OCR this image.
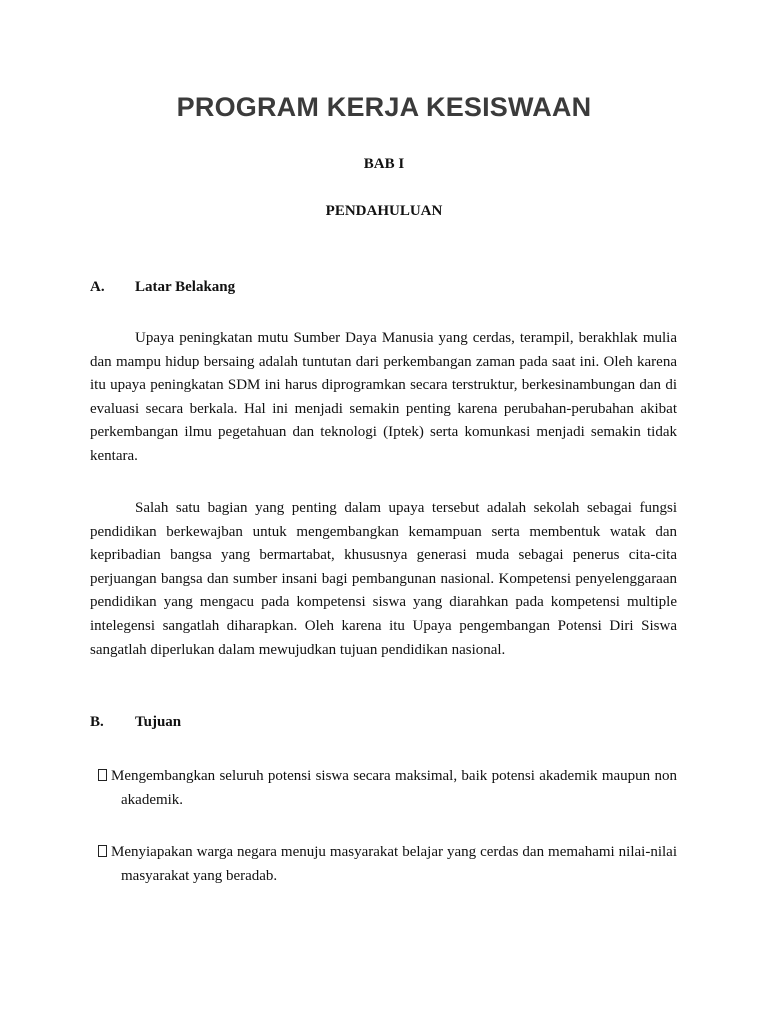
PROGRAM KERJA KESISWAAN
BAB I
PENDAHULUAN
A. Latar Belakang

Upaya peningkatan mutu Sumber Daya Manusia yang cerdas, terampil, berakhlak mulia dan mampu hidup bersaing adalah tuntutan dari perkembangan zaman pada saat ini. Oleh karena itu upaya peningkatan SDM ini harus diprogramkan secara terstruktur, berkesinambungan dan di evaluasi secara berkala. Hal ini menjadi semakin penting karena perubahan-perubahan akibat perkembangan ilmu pegetahuan dan teknologi (Iptek) serta komunkasi menjadi semakin tidak kentara.

Salah satu bagian yang penting dalam upaya tersebut adalah sekolah sebagai fungsi pendidikan berkewajban untuk mengembangkan kemampuan serta membentuk watak dan kepribadian bangsa yang bermartabat, khususnya generasi muda sebagai penerus cita-cita perjuangan bangsa dan sumber insani bagi pembangunan nasional. Kompetensi penyelenggaraan pendidikan yang mengacu pada kompetensi siswa yang diarahkan pada kompetensi multiple intelegensi sangatlah diharapkan. Oleh karena itu Upaya pengembangan Potensi Diri Siswa sangatlah diperlukan dalam mewujudkan tujuan pendidikan nasional.

B. Tujuan
Mengembangkan seluruh potensi siswa secara maksimal, baik potensi akademik maupun non akademik.
Menyiapakan warga negara menuju masyarakat belajar yang cerdas dan memahami nilai-nilai masyarakat yang beradab.
